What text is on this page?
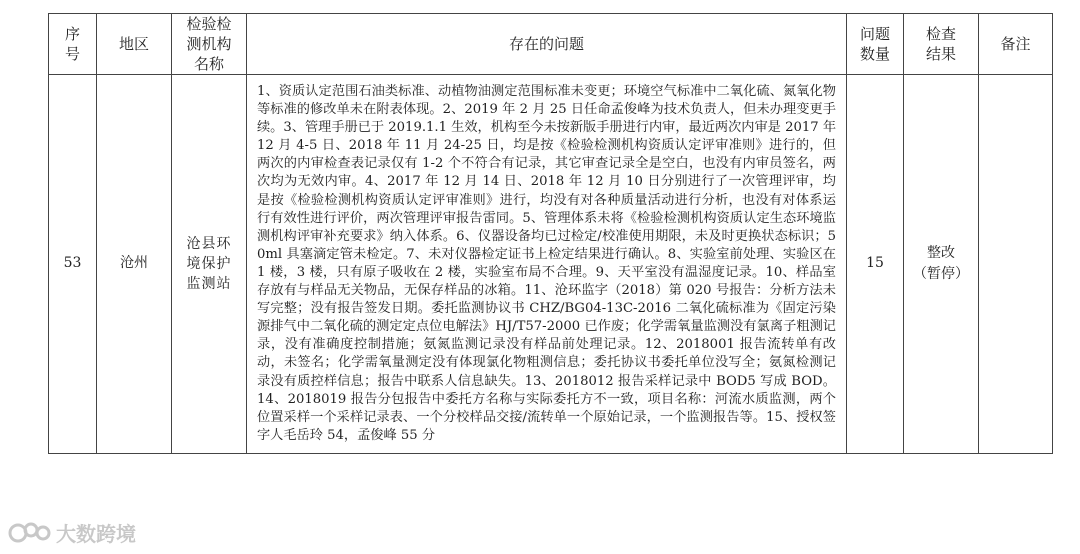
序号	地区	检验检测机构名称	存在的问题	问题数量	检查结果	备注
53	沧州	沧县环境保护监测站	1、资质认定范围石油类标准、动植物油测定范围标准未变更；环境空气标准中二氧化硫、氮氧化物等标准的修改单未在附表体现。2、2019 年 2 月 25 日任命孟俊峰为技术负责人，但未办理变更手续。3、管理手册已于 2019.1.1 生效，机构至今未按新版手册进行内审，最近两次内审是 2017 年 12 月 4-5 日、2018 年 11 月 24-25 日，均是按《检验检测机构资质认定评审准则》进行的，但两次的内审检查表记录仅有 1-2 个不符合有记录，其它审查记录全是空白，也没有内审员签名，两次均为无效内审。4、2017 年 12 月 14 日、2018 年 12 月 10 日分别进行了一次管理评审，均是按《检验检测机构资质认定评审准则》进行，均没有对各种质量活动进行分析，也没有对体系运行有效性进行评价，两次管理评审报告雷同。5、管理体系未将《检验检测机构资质认定生态环境监测机构评审补充要求》纳入体系。6、仪器设备均已过检定/校准使用期限，未及时更换状态标识；50ml 具塞滴定管未检定。7、未对仪器检定证书上检定结果进行确认。8、实验室前处理、实验区在 1 楼，3 楼，只有原子吸收在 2 楼，实验室布局不合理。9、天平室没有温湿度记录。10、样品室存放有与样品无关物品，无保存样品的冰箱。11、沧环监字（2018）第 020 号报告：分析方法未写完整；没有报告签发日期。委托监测协议书 CHZ/BG04-13C-2016 二氧化硫标准为《固定污染源排气中二氧化硫的测定定点位电解法》HJ/T57-2000 已作废；化学需氧量监测没有氯离子粗测记录，没有准确度控制措施；氨氮监测记录没有样品前处理记录。12、2018001 报告流转单有改动，未签名；化学需氧量测定没有体现氯化物粗测信息；委托协议书委托单位没写全；氨氮检测记录没有质控样信息；报告中联系人信息缺失。13、2018012 报告采样记录中 BOD5 写成 BOD。14、2018019 报告分包报告中委托方名称与实际委托方不一致，项目名称：河流水质监测，两个位置采样一个采样记录表、一个分校样品交接/流转单一个原始记录，一个监测报告等。15、授权签字人毛岳玲 54，孟俊峰 55 分	15	整改
（暂停）	

大数跨境
